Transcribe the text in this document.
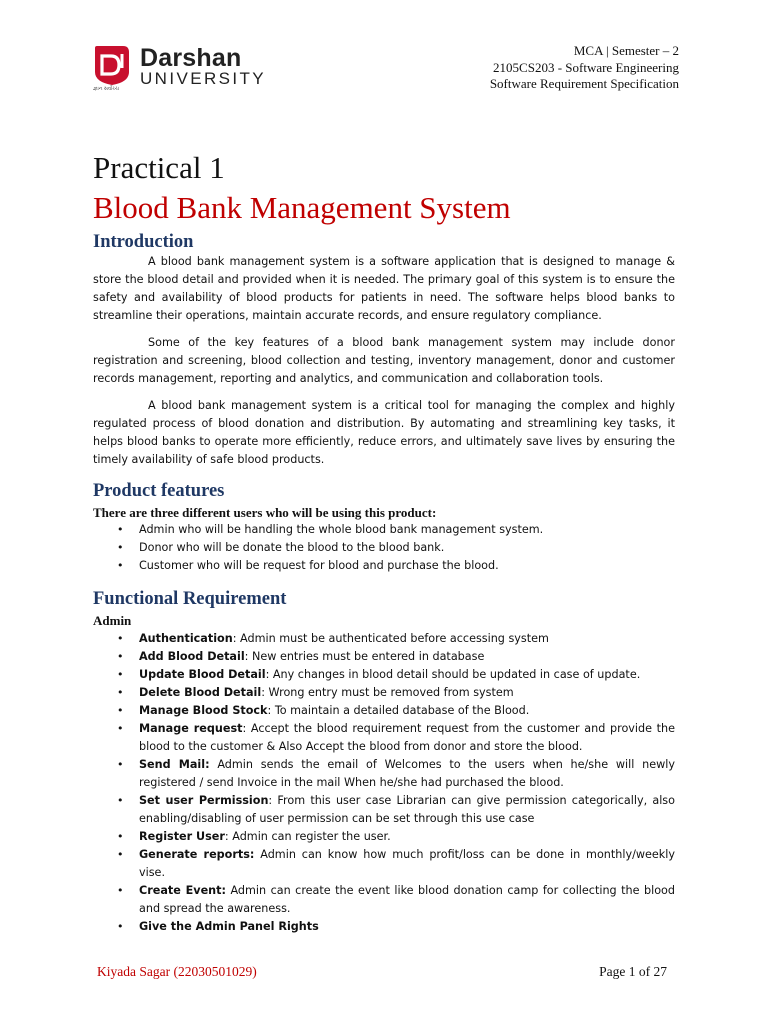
Darshan
UNIVERSITY
જ્ઞાન સર્વોચ્ચ
MCA | Semester – 2
2105CS203 - Software Engineering
Software Requirement Specification
Practical 1
Blood Bank Management System
Introduction

A blood bank management system is a software application that is designed to manage & store the blood detail and provided when it is needed. The primary goal of this system is to ensure the safety and availability of blood products for patients in need. The software helps blood banks to streamline their operations, maintain accurate records, and ensure regulatory compliance.

Some of the key features of a blood bank management system may include donor registration and screening, blood collection and testing, inventory management, donor and customer records management, reporting and analytics, and communication and collaboration tools.

A blood bank management system is a critical tool for managing the complex and highly regulated process of blood donation and distribution. By automating and streamlining key tasks, it helps blood banks to operate more efficiently, reduce errors, and ultimately save lives by ensuring the timely availability of safe blood products.

Product features
There are three different users who will be using this product:
• Admin who will be handling the whole blood bank management system.
• Donor who will be donate the blood to the blood bank.
• Customer who will be request for blood and purchase the blood.
Functional Requirement
Admin
• Authentication: Admin must be authenticated before accessing system
• Add Blood Detail: New entries must be entered in database
• Update Blood Detail: Any changes in blood detail should be updated in case of update.
• Delete Blood Detail: Wrong entry must be removed from system
• Manage Blood Stock: To maintain a detailed database of the Blood.
• Manage request: Accept the blood requirement request from the customer and provide the blood to the customer & Also Accept the blood from donor and store the blood.
• Send Mail: Admin sends the email of Welcomes to the users when he/she will newly registered / send Invoice in the mail When he/she had purchased the blood.
• Set user Permission: From this user case Librarian can give permission categorically, also enabling/disabling of user permission can be set through this use case
• Register User: Admin can register the user.
• Generate reports: Admin can know how much profit/loss can be done in monthly/weekly vise.
• Create Event: Admin can create the event like blood donation camp for collecting the blood and spread the awareness.
• Give the Admin Panel Rights
Kiyada Sagar (22030501029)	Page 1 of 27
